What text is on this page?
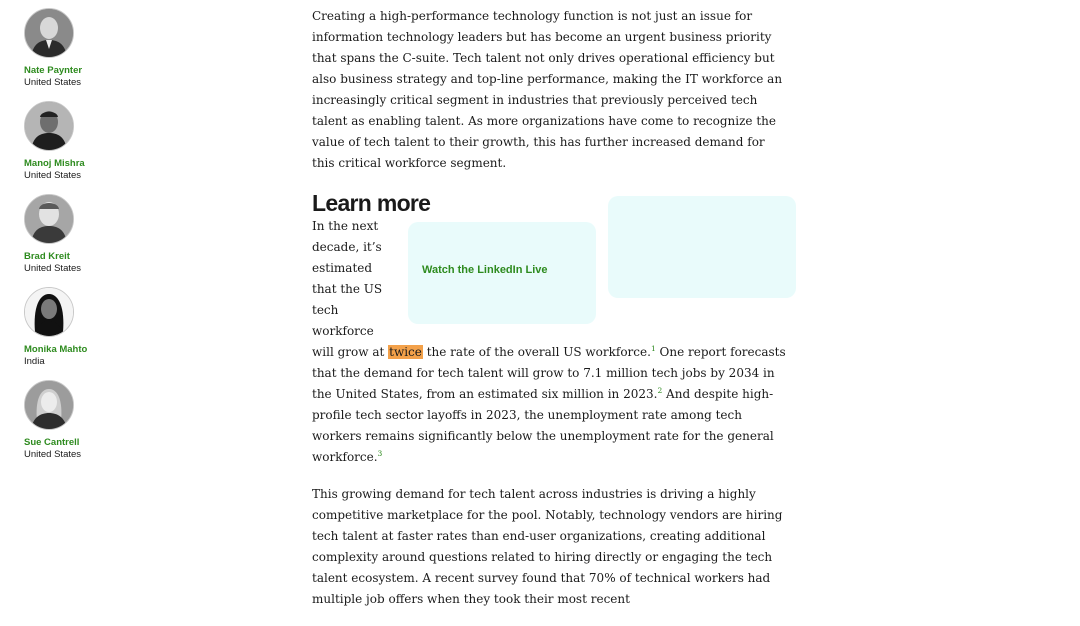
Nate Paynter
United States
Manoj Mishra
United States
Brad Kreit
United States
Monika Mahto
India
Sue Cantrell
United States

Creating a high-performance technology function is not just an issue for information technology leaders but has become an urgent business priority that spans the C-suite. Tech talent not only drives operational efficiency but also business strategy and top-line performance, making the IT workforce an increasingly critical segment in industries that previously perceived tech talent as enabling talent. As more organizations have come to recognize the value of tech talent to their growth, this has further increased demand for this critical workforce segment.

Learn more
Watch the LinkedIn Live
In the next decade, it’s estimated that the US tech workforce will grow at twice the rate of the overall US workforce.$^1$ One report forecasts that the demand for tech talent will grow to 7.1 million tech jobs by 2034 in the United States, from an estimated six million in 2023.$^2$ And despite high-profile tech sector layoffs in 2023, the unemployment rate among tech workers remains significantly below the unemployment rate for the general workforce.$^3$

This growing demand for tech talent across industries is driving a highly competitive marketplace for the pool. Notably, technology vendors are hiring tech talent at faster rates than end-user organizations, creating additional complexity around questions related to hiring directly or engaging the tech talent ecosystem. A recent survey found that 70% of technical workers had multiple job offers when they took their most recent
